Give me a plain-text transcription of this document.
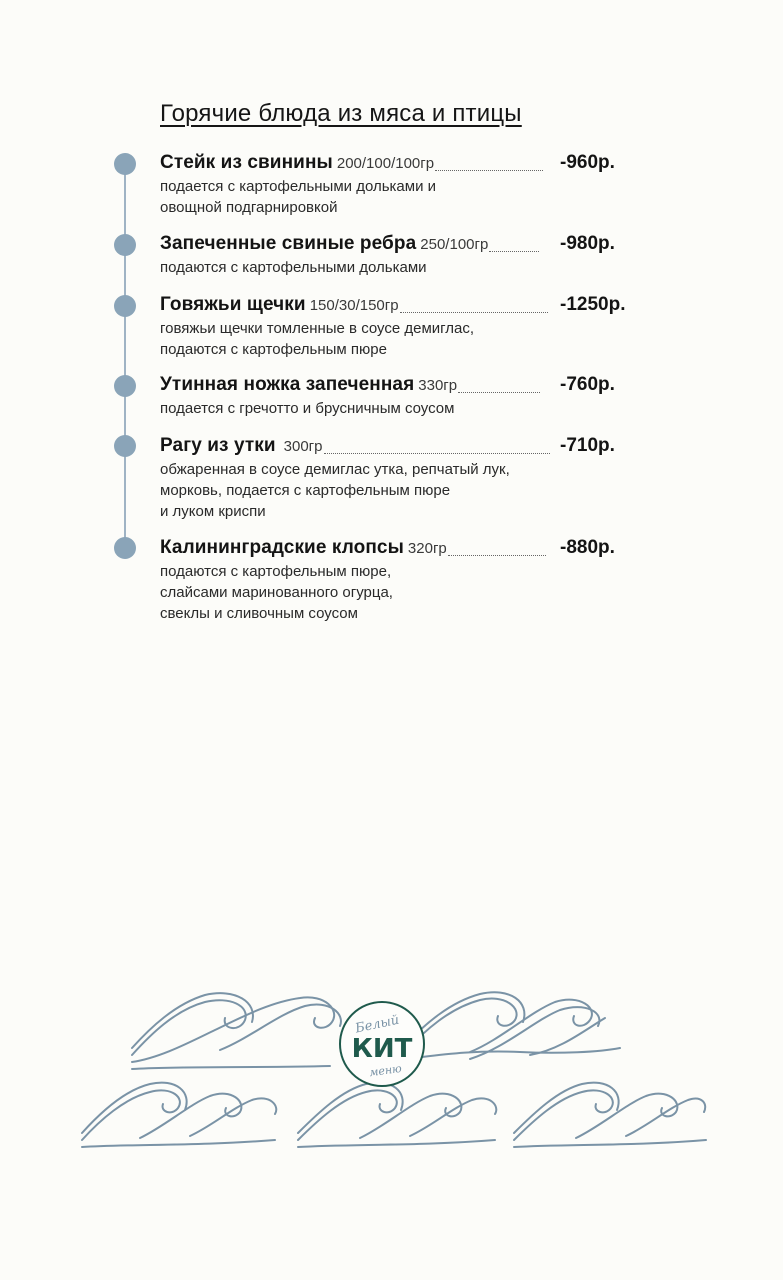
Горячие блюда из мяса и птицы
Стейк из свинины 200/100/100гр	-960р.
подается с картофельными дольками и
овощной подгарнировкой
Запеченные свиные ребра 250/100гр	-980р.
подаются с картофельными дольками
Говяжьи щечки 150/30/150гр	-1250р.
говяжьи щечки томленные в соусе демиглас,
подаются с картофельным пюре
Утинная ножка запеченная 330гр	-760р.
подается с гречотто и брусничным соусом
Рагу из утки 300гр	-710р.
обжаренная в соусе демиглас утка, репчатый лук,
морковь, подается с картофельным пюре
и луком криспи
Калининградские клопсы 320гр	-880р.
подаются с картофельным пюре,
слайсами маринованного огурца,
свеклы и сливочным соусом
Белый
КИТ
меню
